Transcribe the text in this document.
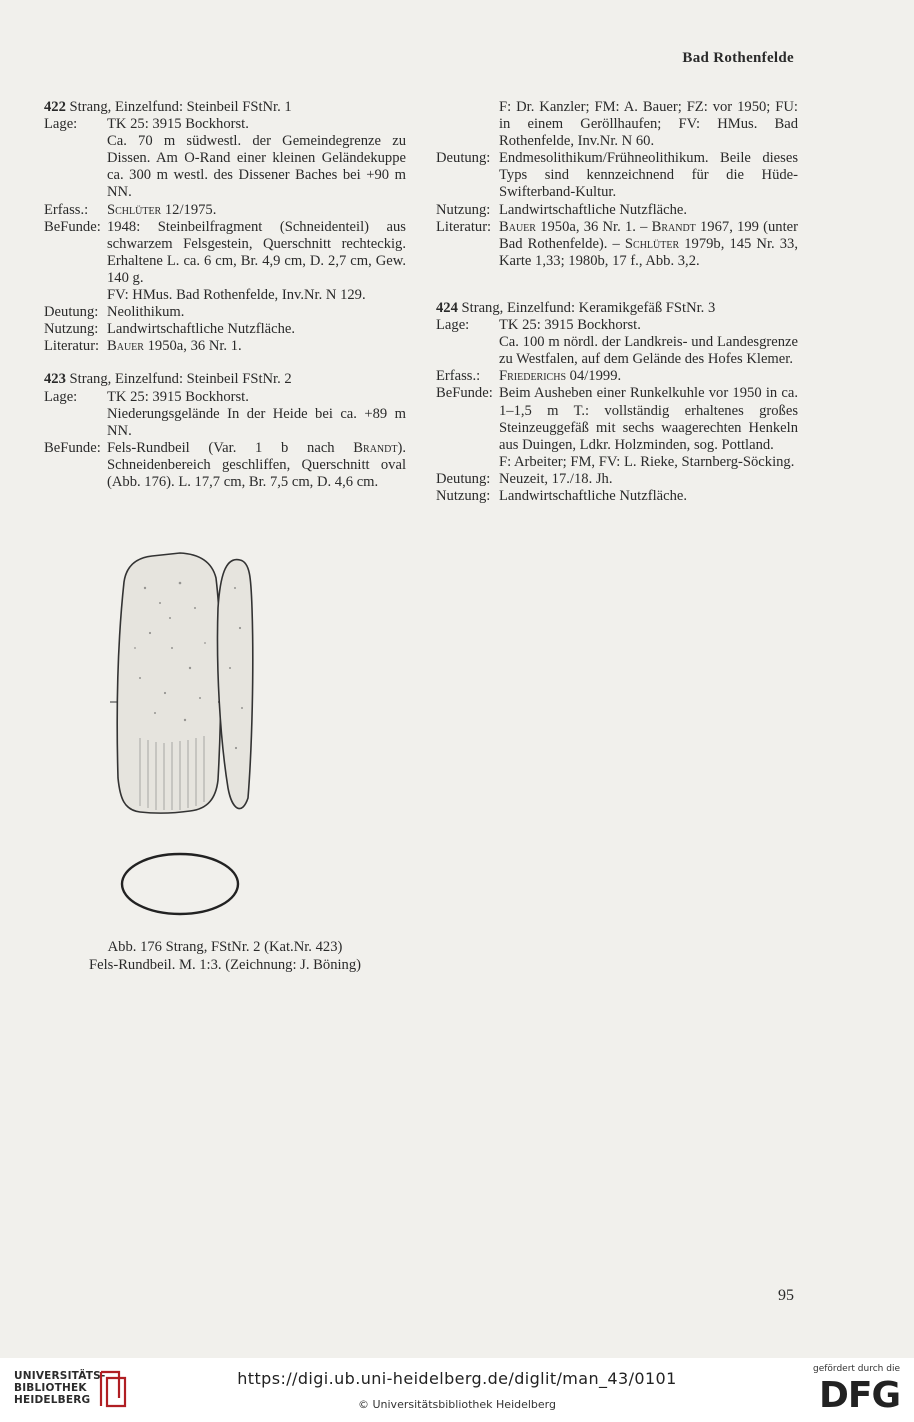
Bad Rothenfelde
422 Strang, Einzelfund: Steinbeil FStNr. 1
Lage:	TK 25: 3915 Bockhorst.
Ca. 70 m südwestl. der Gemeindegrenze zu Dissen. Am O-Rand einer kleinen Geländekuppe ca. 300 m westl. des Dissener Baches bei +90 m NN.
Erfass.:	Schlüter 12/1975.
BeFunde: 1948: Steinbeilfragment (Schneidenteil) aus schwarzem Felsgestein, Querschnitt rechteckig. Erhaltene L. ca. 6 cm, Br. 4,9 cm, D. 2,7 cm, Gew. 140 g.
FV: HMus. Bad Rothenfelde, Inv.Nr. N 129.
Deutung: Neolithikum.
Nutzung: Landwirtschaftliche Nutzfläche.
Literatur: Bauer 1950a, 36 Nr. 1.
423 Strang, Einzelfund: Steinbeil FStNr. 2
Lage:	TK 25: 3915 Bockhorst.
Niederungsgelände In der Heide bei ca. +89 m NN.
BeFunde: Fels-Rundbeil (Var. 1 b nach Brandt). Schneidenbereich geschliffen, Querschnitt oval (Abb. 176). L. 17,7 cm, Br. 7,5 cm, D. 4,6 cm.
Abb. 176 Strang, FStNr. 2 (Kat.Nr. 423)
Fels-Rundbeil. M. 1:3. (Zeichnung: J. Böning)
F: Dr. Kanzler; FM: A. Bauer; FZ: vor 1950; FU: in einem Geröllhaufen; FV: HMus. Bad Rothenfelde, Inv.Nr. N 60.
Deutung: Endmesolithikum/Frühneolithikum. Beile dieses Typs sind kennzeichnend für die Hüde-Swifterband-Kultur.
Nutzung: Landwirtschaftliche Nutzfläche.
Literatur: Bauer 1950a, 36 Nr. 1. – Brandt 1967, 199 (unter Bad Rothenfelde). – Schlüter 1979b, 145 Nr. 33, Karte 1,33; 1980b, 17 f., Abb. 3,2.
424 Strang, Einzelfund: Keramikgefäß FStNr. 3
Lage:	TK 25: 3915 Bockhorst.
Ca. 100 m nördl. der Landkreis- und Landesgrenze zu Westfalen, auf dem Gelände des Hofes Klemer.
Erfass.:	Friederichs 04/1999.
BeFunde: Beim Ausheben einer Runkelkuhle vor 1950 in ca. 1–1,5 m T.: vollständig erhaltenes großes Steinzeuggefäß mit sechs waagerechten Henkeln aus Duingen, Ldkr. Holzminden, sog. Pottland.
F: Arbeiter; FM, FV: L. Rieke, Starnberg-Söcking.
Deutung: Neuzeit, 17./18. Jh.
Nutzung: Landwirtschaftliche Nutzfläche.
95
UNIVERSITÄTS-
BIBLIOTHEK
HEIDELBERG
https://digi.ub.uni-heidelberg.de/diglit/man_43/0101
© Universitätsbibliothek Heidelberg
gefördert durch die
DFG
